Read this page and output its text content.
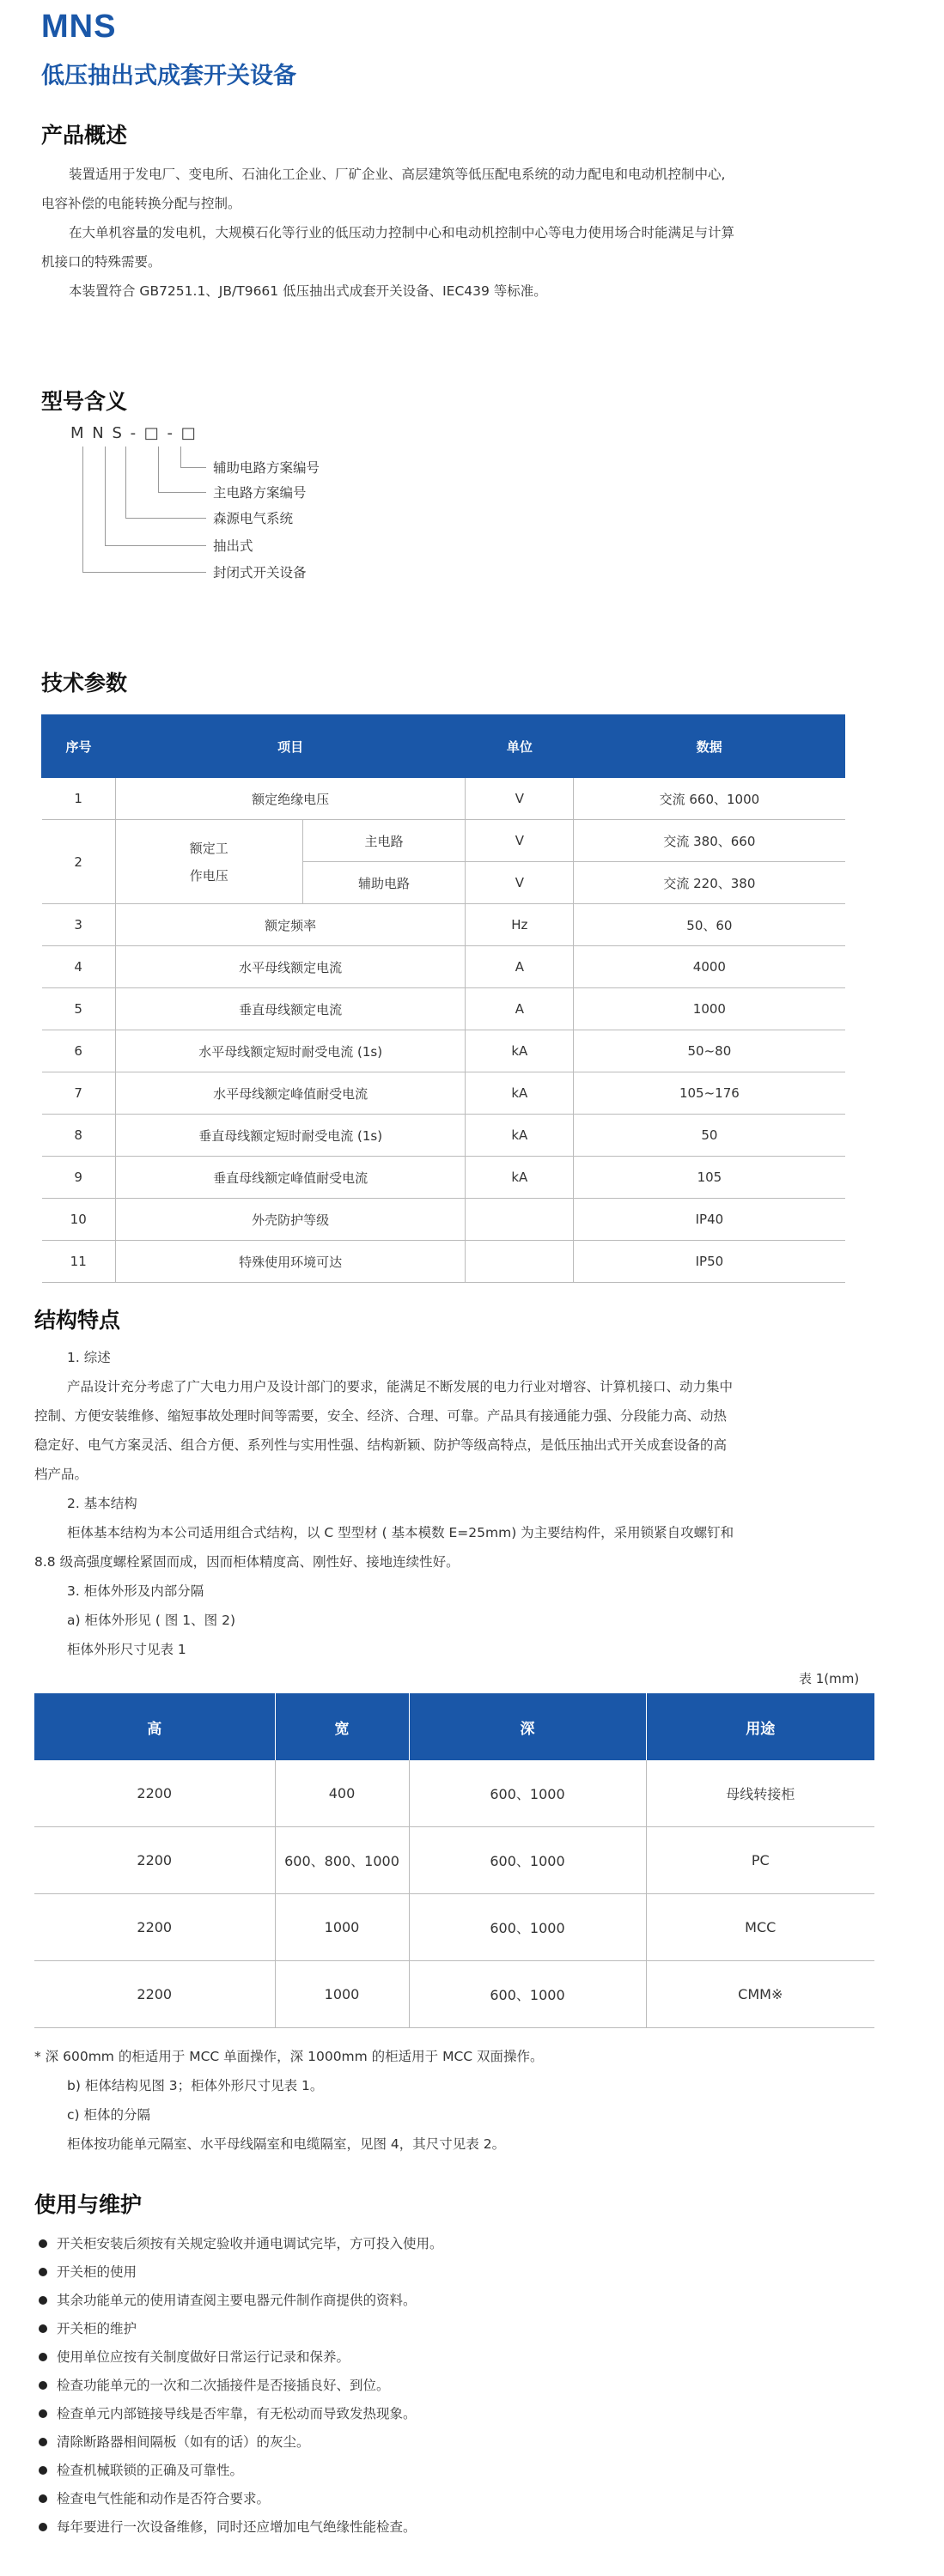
MNS
低压抽出式成套开关设备
产品概述
装置适用于发电厂、变电所、石油化工企业、厂矿企业、高层建筑等低压配电系统的动力配电和电动机控制中心,
电容补偿的电能转换分配与控制。
在大单机容量的发电机，大规模石化等行业的低压动力控制中心和电动机控制中心等电力使用场合时能满足与计算
机接口的特殊需要。
本装置符合 GB7251.1、JB/T9661 低压抽出式成套开关设备、IEC439 等标准。
型号含义
M N S - □ - □
辅助电路方案编号
主电路方案编号
森源电气系统
抽出式
封闭式开关设备
技术参数
序号	项目		单位	数据
1	额定绝缘电压		V	交流 660、1000
2	额定工
作电压	主电路	V	交流 380、660
		辅助电路	V	交流 220、380
3	额定频率		Hz	50、60
4	水平母线额定电流		A	4000
5	垂直母线额定电流		A	1000
6	水平母线额定短时耐受电流 (1s)		kA	50~80
7	水平母线额定峰值耐受电流		kA	105~176
8	垂直母线额定短时耐受电流 (1s)		kA	50
9	垂直母线额定峰值耐受电流		kA	105
10	外壳防护等级			IP40
11	特殊使用环境可达			IP50
结构特点
1. 综述
产品设计充分考虑了广大电力用户及设计部门的要求，能满足不断发展的电力行业对增容、计算机接口、动力集中
控制、方便安装维修、缩短事故处理时间等需要，安全、经济、合理、可靠。产品具有接通能力强、分段能力高、动热
稳定好、电气方案灵活、组合方便、系列性与实用性强、结构新颖、防护等级高特点，是低压抽出式开关成套设备的高
档产品。
2. 基本结构
柜体基本结构为本公司适用组合式结构，以 C 型型材 ( 基本模数 E=25mm) 为主要结构件，采用锁紧自攻螺钉和
8.8 级高强度螺栓紧固而成，因而柜体精度高、刚性好、接地连续性好。
3. 柜体外形及内部分隔
a) 柜体外形见 ( 图 1、图 2)
柜体外形尺寸见表 1
表 1(mm)
高	宽	深	用途
2200	400	600、1000	母线转接柜
2200	600、800、1000	600、1000	PC
2200	1000	600、1000	MCC
2200	1000	600、1000	CMM※
* 深 600mm 的柜适用于 MCC 单面操作，深 1000mm 的柜适用于 MCC 双面操作。
b) 柜体结构见图 3；柜体外形尺寸见表 1。
c) 柜体的分隔
柜体按功能单元隔室、水平母线隔室和电缆隔室，见图 4，其尺寸见表 2。
使用与维护
开关柜安装后须按有关规定验收并通电调试完毕，方可投入使用。
开关柜的使用
其余功能单元的使用请查阅主要电器元件制作商提供的资料。
开关柜的维护
使用单位应按有关制度做好日常运行记录和保养。
检查功能单元的一次和二次插接件是否接插良好、到位。
检查单元内部链接导线是否牢靠，有无松动而导致发热现象。
清除断路器相间隔板（如有的话）的灰尘。
检查机械联锁的正确及可靠性。
检查电气性能和动作是否符合要求。
每年要进行一次设备维修，同时还应增加电气绝缘性能检查。
